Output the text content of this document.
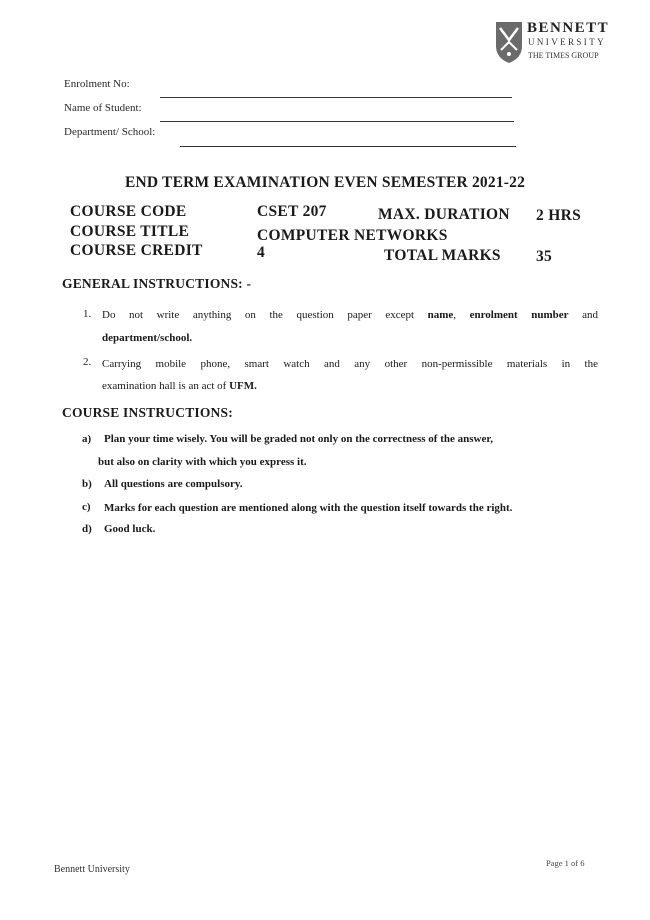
BENNETT
UNIVERSITY
THE TIMES GROUP
Enrolment No:
Name of Student:
Department/ School:
END TERM EXAMINATION EVEN SEMESTER 2021-22
COURSE CODE	CSET 207	MAX. DURATION 2 HRS
COURSE TITLE	COMPUTER NETWORKS
COURSE CREDIT	4	TOTAL MARKS 35
GENERAL INSTRUCTIONS: -
1. Do not write anything on the question paper except name, enrolment number and
department/school.
2. Carrying mobile phone, smart watch and any other non-permissible materials in the
examination hall is an act of UFM.
COURSE INSTRUCTIONS:
a) Plan your time wisely. You will be graded not only on the correctness of the answer,
but also on clarity with which you express it.
b) All questions are compulsory.
c) Marks for each question are mentioned along with the question itself towards the right.
d) Good luck.
Bennett University
Page 1 of 6
